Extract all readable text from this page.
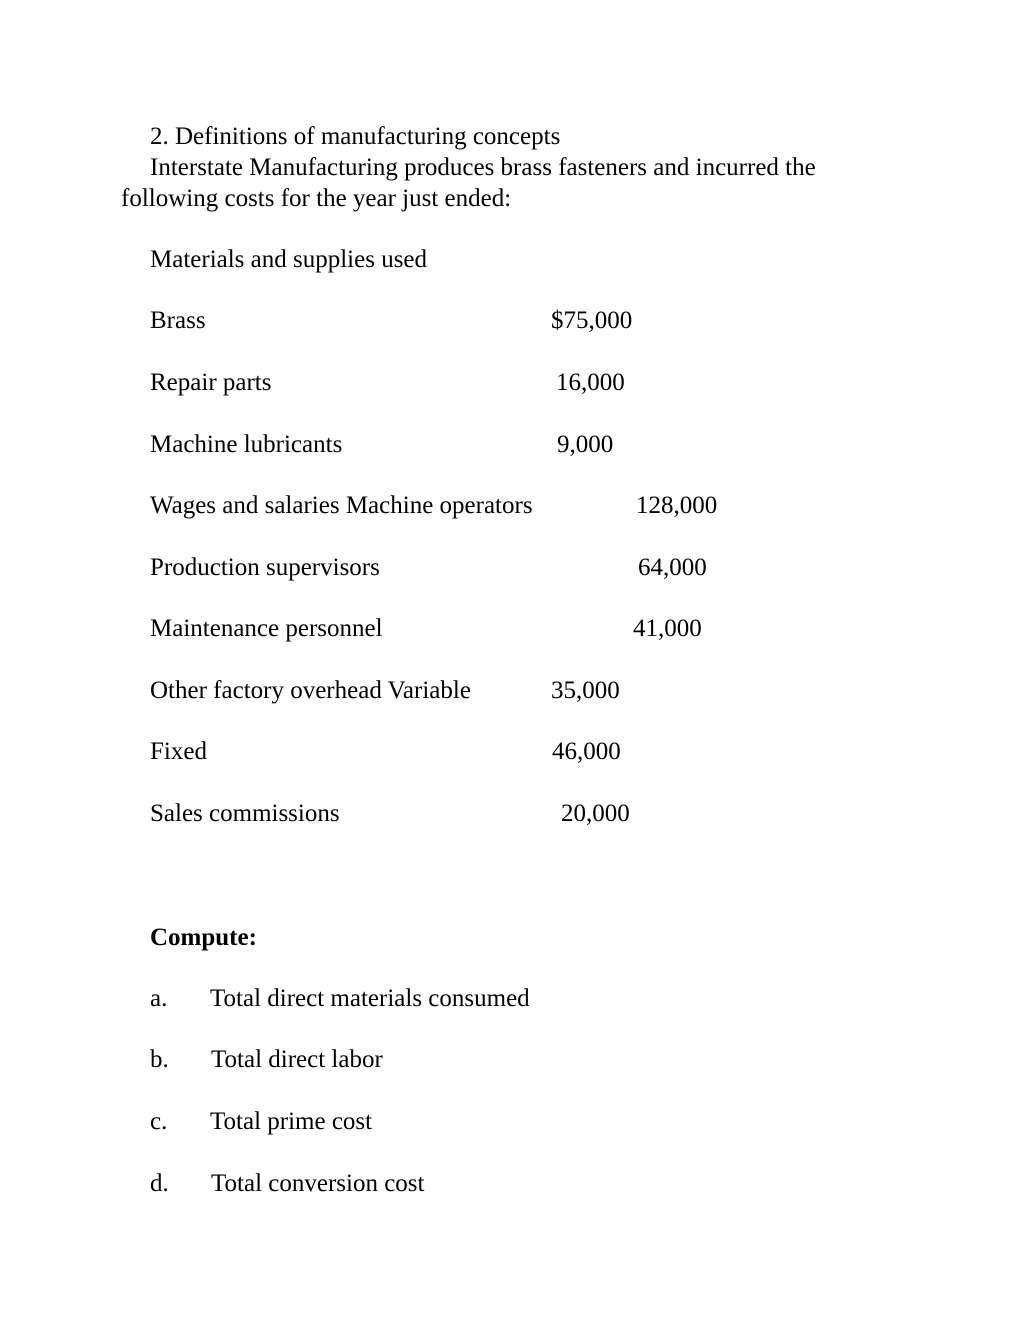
2. Definitions of manufacturing concepts
Interstate Manufacturing produces brass fasteners and incurred the
following costs for the year just ended:
Materials and supplies used
Brass	$75,000
Repair parts	16,000
Machine lubricants	9,000
Wages and salaries Machine operators	128,000
Production supervisors	64,000
Maintenance personnel	41,000
Other factory overhead Variable	35,000
Fixed	46,000
Sales commissions	20,000
Compute:
a. Total direct materials consumed
b. Total direct labor
c. Total prime cost
d. Total conversion cost
